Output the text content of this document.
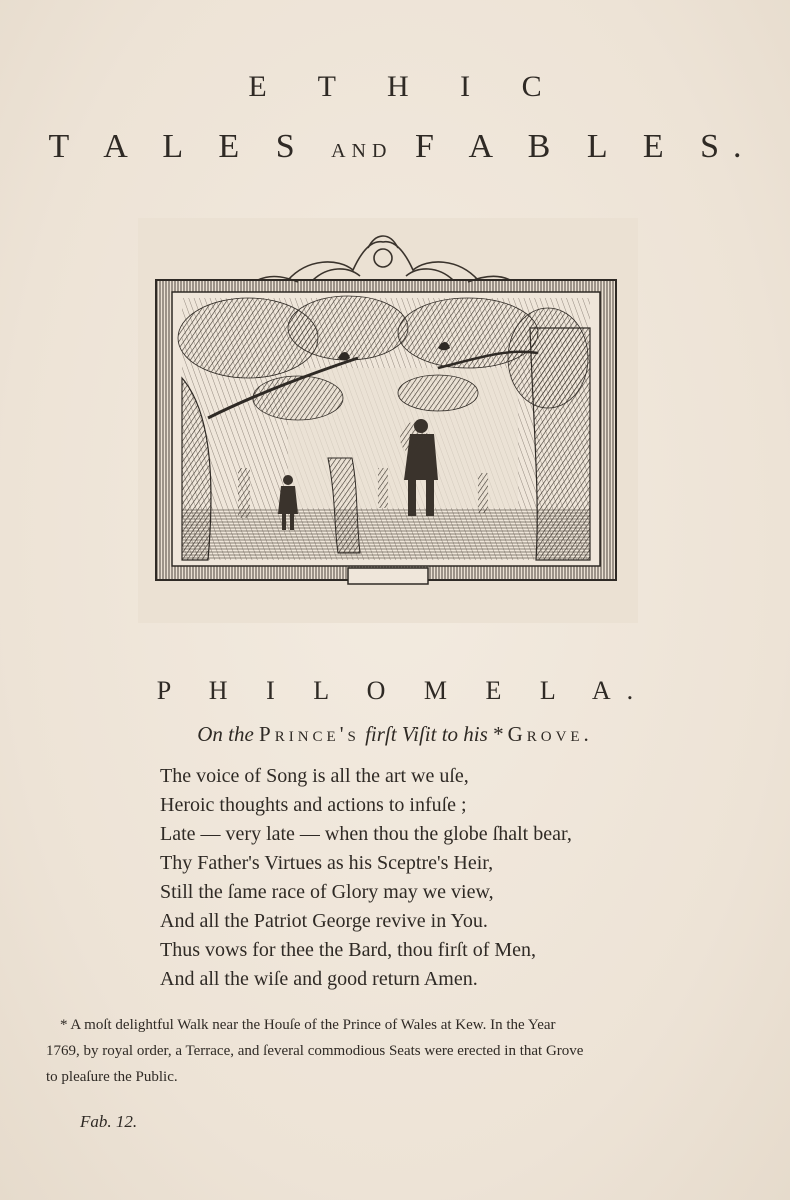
E T H I C
T A L E S AND F A B L E S.
P H I L O M E L A.
On the Prince's firſt Viſit to his *Grove.
The voice of Song is all the art we uſe,
Heroic thoughts and actions to infuſe ;
Late — very late — when thou the globe ſhalt bear,
Thy Father's Virtues as his Sceptre's Heir,
Still the ſame race of Glory may we view,
And all the Patriot George revive in You.
Thus vows for thee the Bard, thou firſt of Men,
And all the wiſe and good return Amen.
* A moſt delightful Walk near the Houſe of the Prince of Wales at Kew. In the Year
1769, by royal order, a Terrace, and ſeveral commodious Seats were erected in that Grove
to pleaſure the Public.
Fab. 12.
